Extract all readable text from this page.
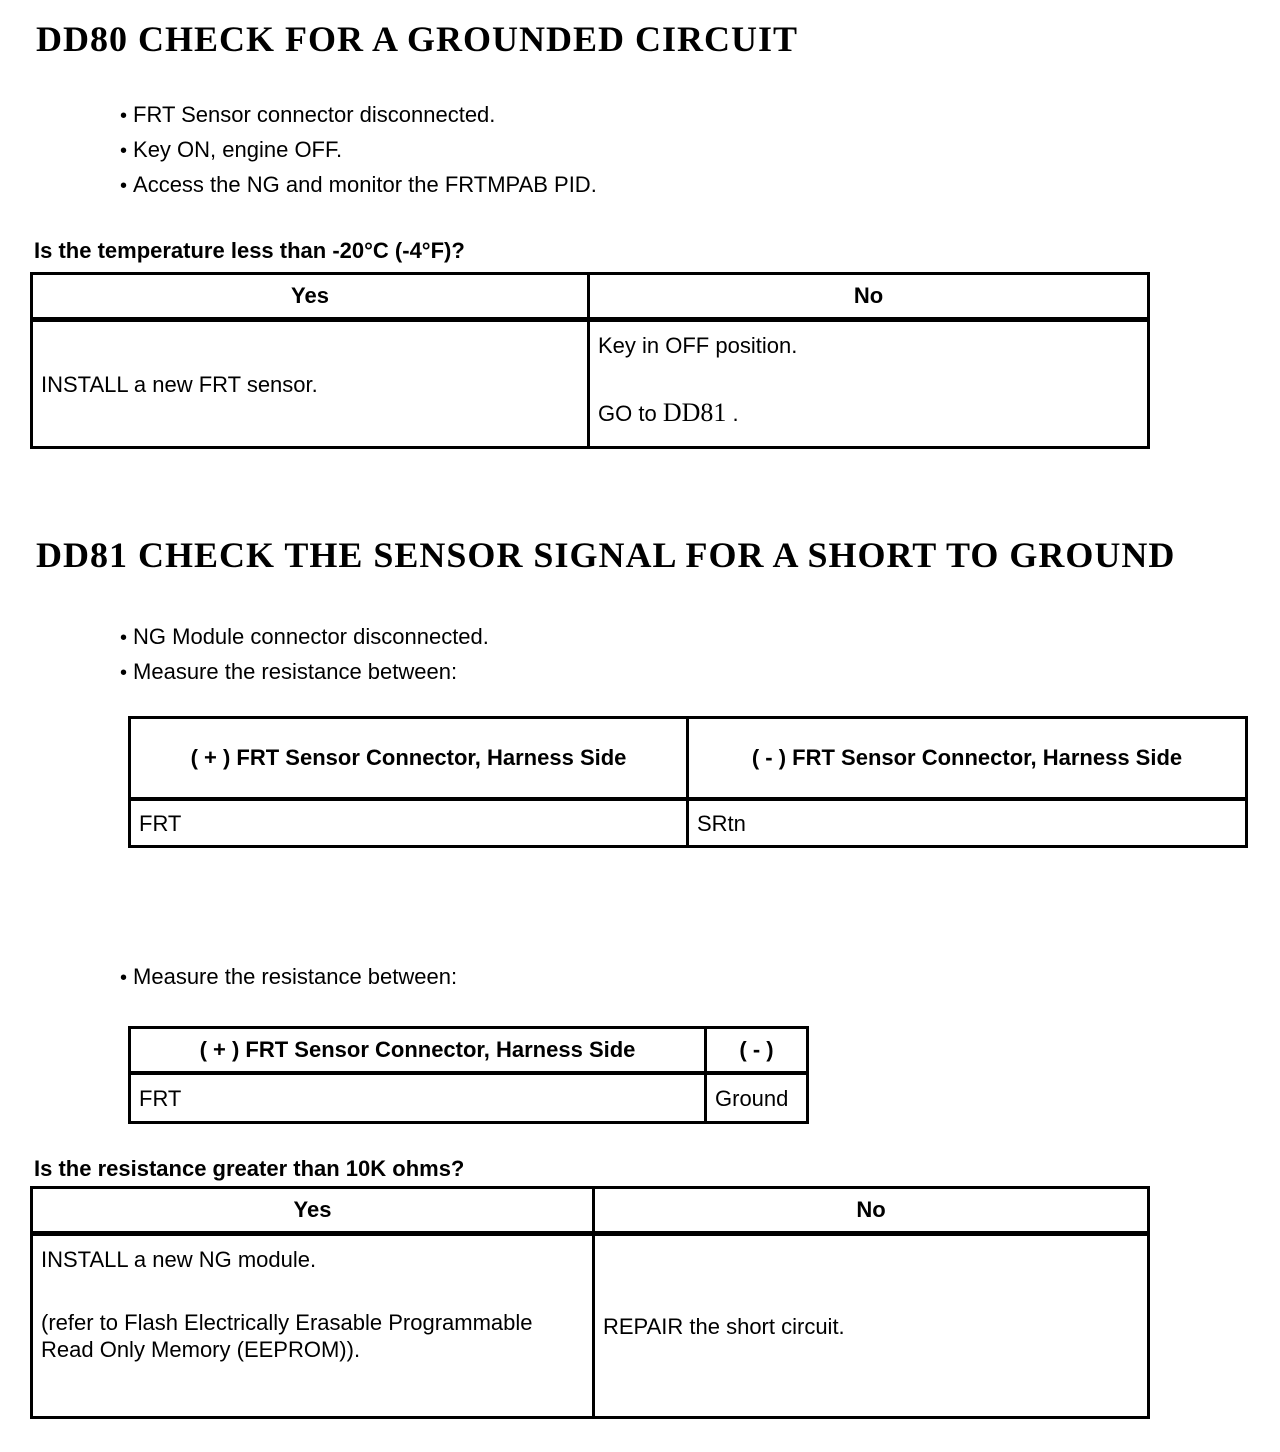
DD80 CHECK FOR A GROUNDED CIRCUIT
• FRT Sensor connector disconnected.
• Key ON, engine OFF.
• Access the NG and monitor the FRTMPAB PID.
Is the temperature less than -20°C (-4°F)?
Yes	No

INSTALL a new FRT sensor.	Key in OFF position.

GO to DD81 .

DD81 CHECK THE SENSOR SIGNAL FOR A SHORT TO GROUND
• NG Module connector disconnected.
• Measure the resistance between:
( + ) FRT Sensor Connector, Harness Side	( - ) FRT Sensor Connector, Harness Side
FRT	SRtn
• Measure the resistance between:
( + ) FRT Sensor Connector, Harness Side	( - )
FRT	Ground
Is the resistance greater than 10K ohms?
Yes	No

INSTALL a new NG module.

(refer to Flash Electrically Erasable Programmable Read Only Memory (EEPROM)).	REPAIR the short circuit.
